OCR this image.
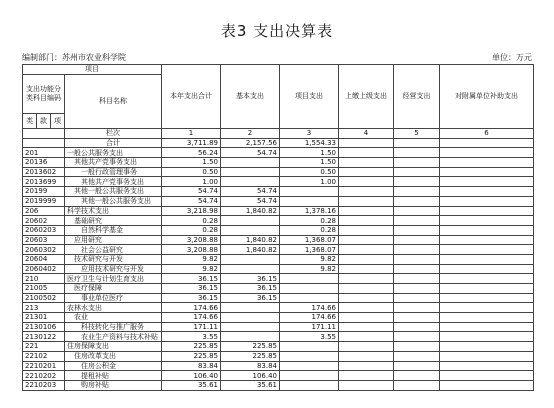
表3 支出决算表
编制部门：苏州市农业科学院	单位：万元
项目				本年支出合计	基本支出	项目支出	上缴上级支出	经营支出	对附属单位补助支出
支出功能分类科目编码			科目名称						
类	款	项							
			栏次	1	2	3	4	5	6
			合计	3,711.89	2,157.56	1,554.33			
201			一般公共服务支出	56.24	54.74	1.50			
20136			其他共产党事务支出	1.50		1.50			
2013602			一般行政管理事务	0.50		0.50			
2013699			其他共产党事务支出	1.00		1.00			
20199			其他一般公共服务支出	54.74	54.74				
2019999			其他一般公共服务支出	54.74	54.74				
206			科学技术支出	3,218.98	1,840.82	1,378.16			
20602			基础研究	0.28		0.28			
2060203			自然科学基金	0.28		0.28			
20603			应用研究	3,208.88	1,840.82	1,368.07			
2060302			社会公益研究	3,208.88	1,840.82	1,368.07			
20604			技术研究与开发	9.82		9.82			
2060402			应用技术研究与开发	9.82		9.82			
210			医疗卫生与计划生育支出	36.15	36.15				
21005			医疗保障	36.15	36.15				
2100502			事业单位医疗	36.15	36.15				
213			农林水支出	174.66		174.66			
21301			农业	174.66		174.66			
2130106			科技转化与推广服务	171.11		171.11			
2130122			农业生产资料与技术补贴	3.55		3.55			
221			住房保障支出	225.85	225.85				
22102			住房改革支出	225.85	225.85				
2210201			住房公积金	83.84	83.84				
2210202			提租补贴	106.40	106.40				
2210203			购房补贴	35.61	35.61				
